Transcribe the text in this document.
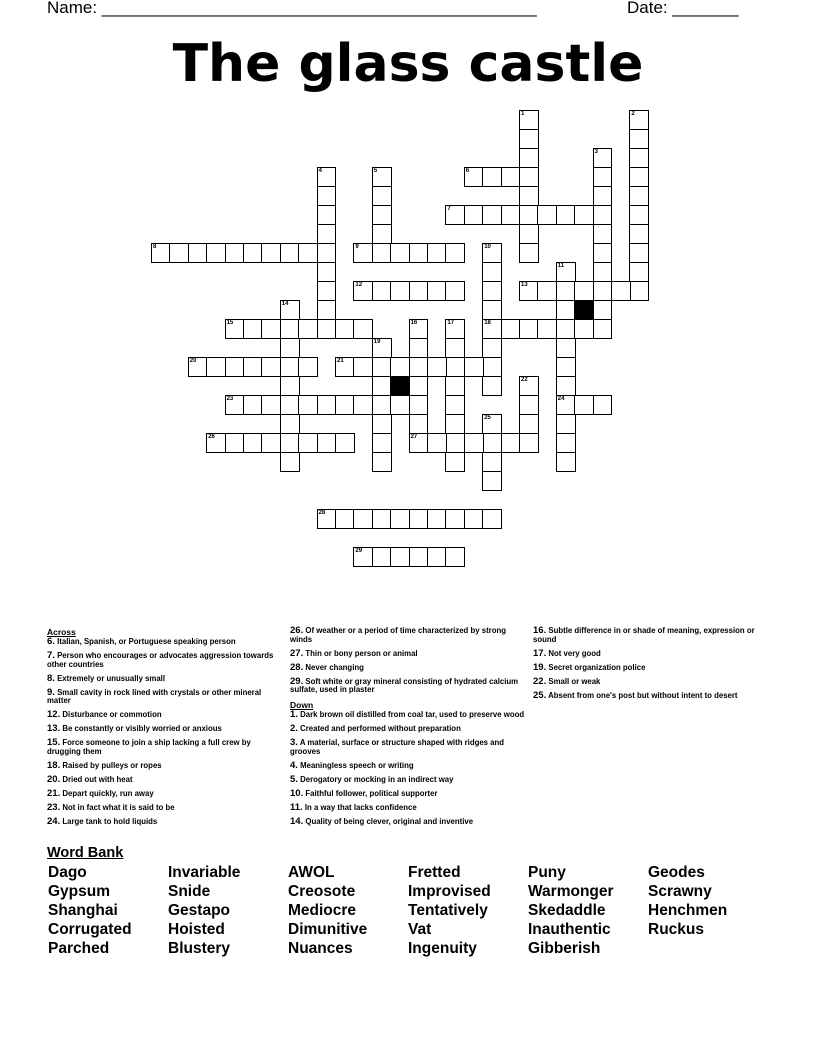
Name: ______________________________________________	Date: _______
The glass castle
1	2
3
4	5	6
7
8	9	10
18
11
24
12	13
14
15	16
27
17
19
20	21
22
23
25
26
28
29
Across
6. Italian, Spanish, or Portuguese speaking person
7. Person who encourages or advocates aggression towards other countries
8. Extremely or unusually small
9. Small cavity in rock lined with crystals or other mineral matter
12. Disturbance or commotion
13. Be constantly or visibly worried or anxious
15. Force someone to join a ship lacking a full crew by drugging them
18. Raised by pulleys or ropes
20. Dried out with heat
21. Depart quickly, run away
23. Not in fact what it is said to be
24. Large tank to hold liquids
26. Of weather or a period of time characterized by strong winds
27. Thin or bony person or animal
28. Never changing
29. Soft white or gray mineral consisting of hydrated calcium sulfate, used in plaster
Down
1. Dark brown oil distilled from coal tar, used to preserve wood
2. Created and performed without preparation
3. A material, surface or structure shaped with ridges and grooves
4. Meaningless speech or writing
5. Derogatory or mocking in an indirect way
10. Faithful follower, political supporter
11. In a way that lacks confidence
14. Quality of being clever, original and inventive
16. Subtle difference in or shade of meaning, expression or sound
17. Not very good
19. Secret organization police
22. Small or weak
25. Absent from one's post but without intent to desert
Word Bank
Dago
Gypsum
Shanghai
Corrugated
Parched
Invariable
Snide
Gestapo
Hoisted
Blustery
AWOL
Creosote
Mediocre
Dimunitive
Nuances
Fretted
Improvised
Tentatively
Vat
Ingenuity
Puny
Warmonger
Skedaddle
Inauthentic
Gibberish
Geodes
Scrawny
Henchmen
Ruckus
